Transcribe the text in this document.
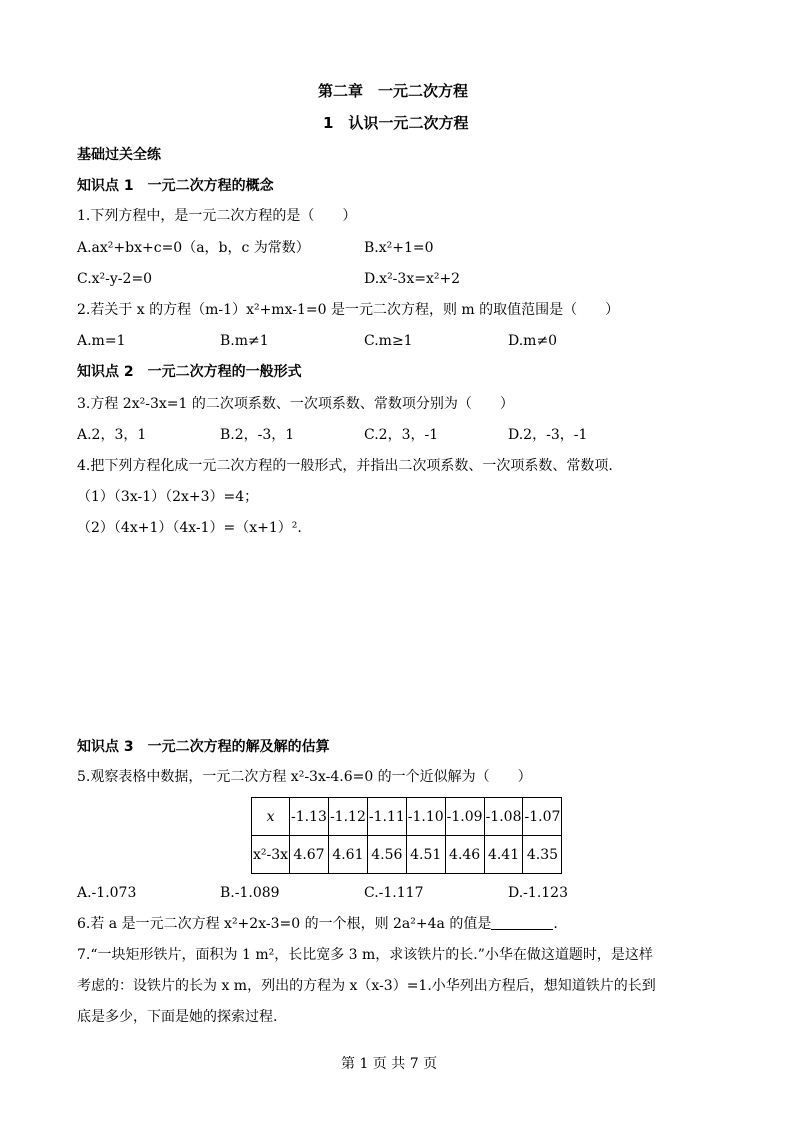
第二章　一元二次方程
1　认识一元二次方程
基础过关全练
知识点 1　一元二次方程的概念
1.下列方程中，是一元二次方程的是（　　）
A.ax²+bx+c=0（a，b，c 为常数）	B.x²+1=0
C.x²-y-2=0	D.x²-3x=x²+2
2.若关于 x 的方程（m-1）x²+mx-1=0 是一元二次方程，则 m 的取值范围是（　　）
A.m=1	B.m≠1	C.m≥1	D.m≠0
知识点 2　一元二次方程的一般形式
3.方程 2x²-3x=1 的二次项系数、一次项系数、常数项分别为（　　）
A.2，3，1	B.2，-3，1	C.2，3，-1	D.2，-3，-1
4.把下列方程化成一元二次方程的一般形式，并指出二次项系数、一次项系数、常数项.
（1）（3x-1）（2x+3）=4；
（2）（4x+1）（4x-1）=（x+1）².
知识点 3　一元二次方程的解及解的估算
5.观察表格中数据，一元二次方程 x²-3x-4.6=0 的一个近似解为（　　）
x	-1.13	-1.12	-1.11	-1.10	-1.09	-1.08	-1.07
x²-3x	4.67	4.61	4.56	4.51	4.46	4.41	4.35
A.-1.073	B.-1.089	C.-1.117	D.-1.123
6.若 a 是一元二次方程 x²+2x-3=0 的一个根，则 2a²+4a 的值是	.
7.“一块矩形铁片，面积为 1 m²，长比宽多 3 m，求该铁片的长.”小华在做这道题时，是这样
考虑的：设铁片的长为 x m，列出的方程为 x（x-3）=1.小华列出方程后，想知道铁片的长到
底是多少，下面是她的探索过程.
第 1 页 共 7 页
